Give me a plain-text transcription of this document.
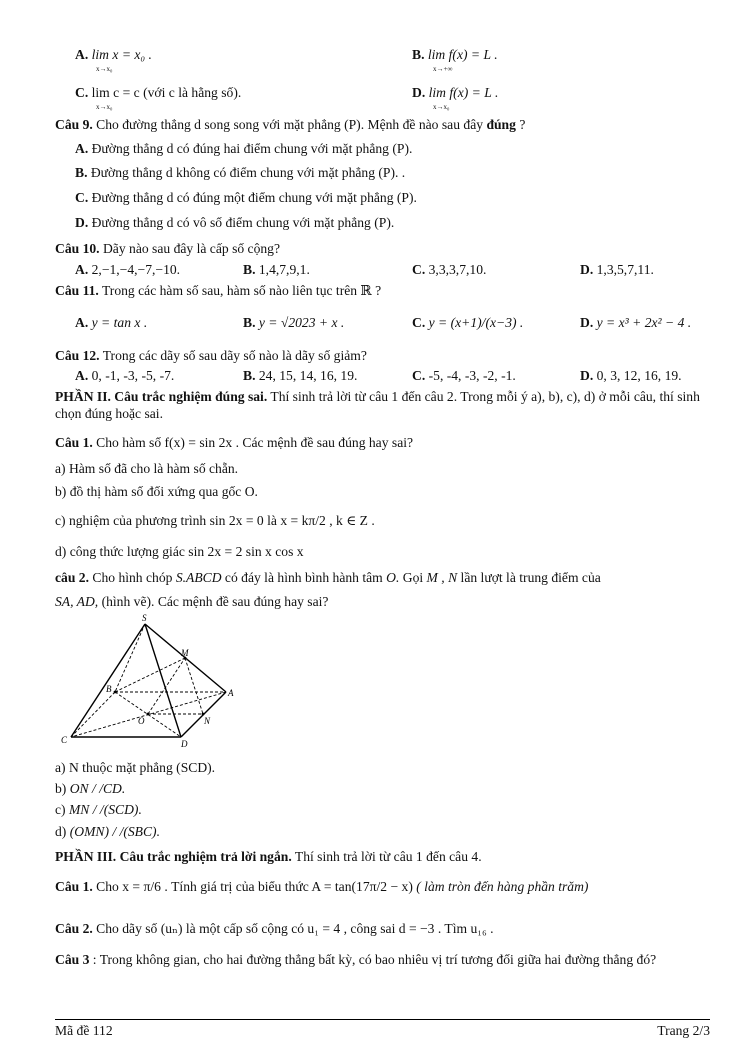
A. lim x = x₀ .
x→x₀
B. lim f(x) = L .
x→+∞
C. lim c = c (với c là hằng số).
x→x₀
D. lim f(x) = L .
x→x₀
Câu 9. Cho đường thẳng d song song với mặt phẳng (P). Mệnh đề nào sau đây đúng ?
A. Đường thẳng d có đúng hai điểm chung với mặt phẳng (P).
B. Đường thẳng d không có điểm chung với mặt phẳng (P). .
C. Đường thẳng d có đúng một điểm chung với mặt phẳng (P).
D. Đường thẳng d có vô số điểm chung với mặt phẳng (P).
Câu 10. Dãy nào sau đây là cấp số cộng?
A. 2,−1,−4,−7,−10.	B. 1,4,7,9,1.	C. 3,3,3,7,10.	D. 1,3,5,7,11.
Câu 11. Trong các hàm số sau, hàm số nào liên tục trên ℝ ?
A. y = tan x .	B. y = √2023 + x .	C. y = (x+1)/(x−3) .	D. y = x³ + 2x² − 4 .
Câu 12. Trong các dãy số sau dãy số nào là dãy số giảm?
A. 0, -1, -3, -5, -7.	B. 24, 15, 14, 16, 19.	C. -5, -4, -3, -2, -1.	D. 0, 3, 12, 16, 19.
PHẦN II. Câu trắc nghiệm đúng sai. Thí sinh trả lời từ câu 1 đến câu 2. Trong mỗi ý a), b), c), d) ở mỗi câu, thí sinh chọn đúng hoặc sai.
Câu 1. Cho hàm số f(x) = sin 2x . Các mệnh đề sau đúng hay sai?
a) Hàm số đã cho là hàm số chẵn.
b) đồ thị hàm số đối xứng qua gốc O.
c) nghiệm của phương trình sin 2x = 0 là x = kπ/2 , k ∈ Z .
d) công thức lượng giác sin 2x = 2 sin x cos x
câu 2. Cho hình chóp S.ABCD có đáy là hình bình hành tâm O. Gọi M , N lần lượt là trung điểm của
SA, AD, (hình vẽ). Các mệnh đề sau đúng hay sai?
S
M
A
B
O	N
C	D
a) N thuộc mặt phẳng (SCD).
b) ON / /CD.
c) MN / /(SCD).
d) (OMN) / /(SBC).
PHẦN III. Câu trắc nghiệm trả lời ngắn. Thí sinh trả lời từ câu 1 đến câu 4.
Câu 1. Cho x = π/6 . Tính giá trị của biểu thức A = tan(17π/2 − x) ( làm tròn đến hàng phần trăm)
Câu 2. Cho dãy số (uₙ) là một cấp số cộng có u₁ = 4 , công sai d = −3 . Tìm u₁₆ .
Câu 3 : Trong không gian, cho hai đường thẳng bất kỳ, có bao nhiêu vị trí tương đối giữa hai đường thẳng đó?
Mã đề 112	Trang 2/3
